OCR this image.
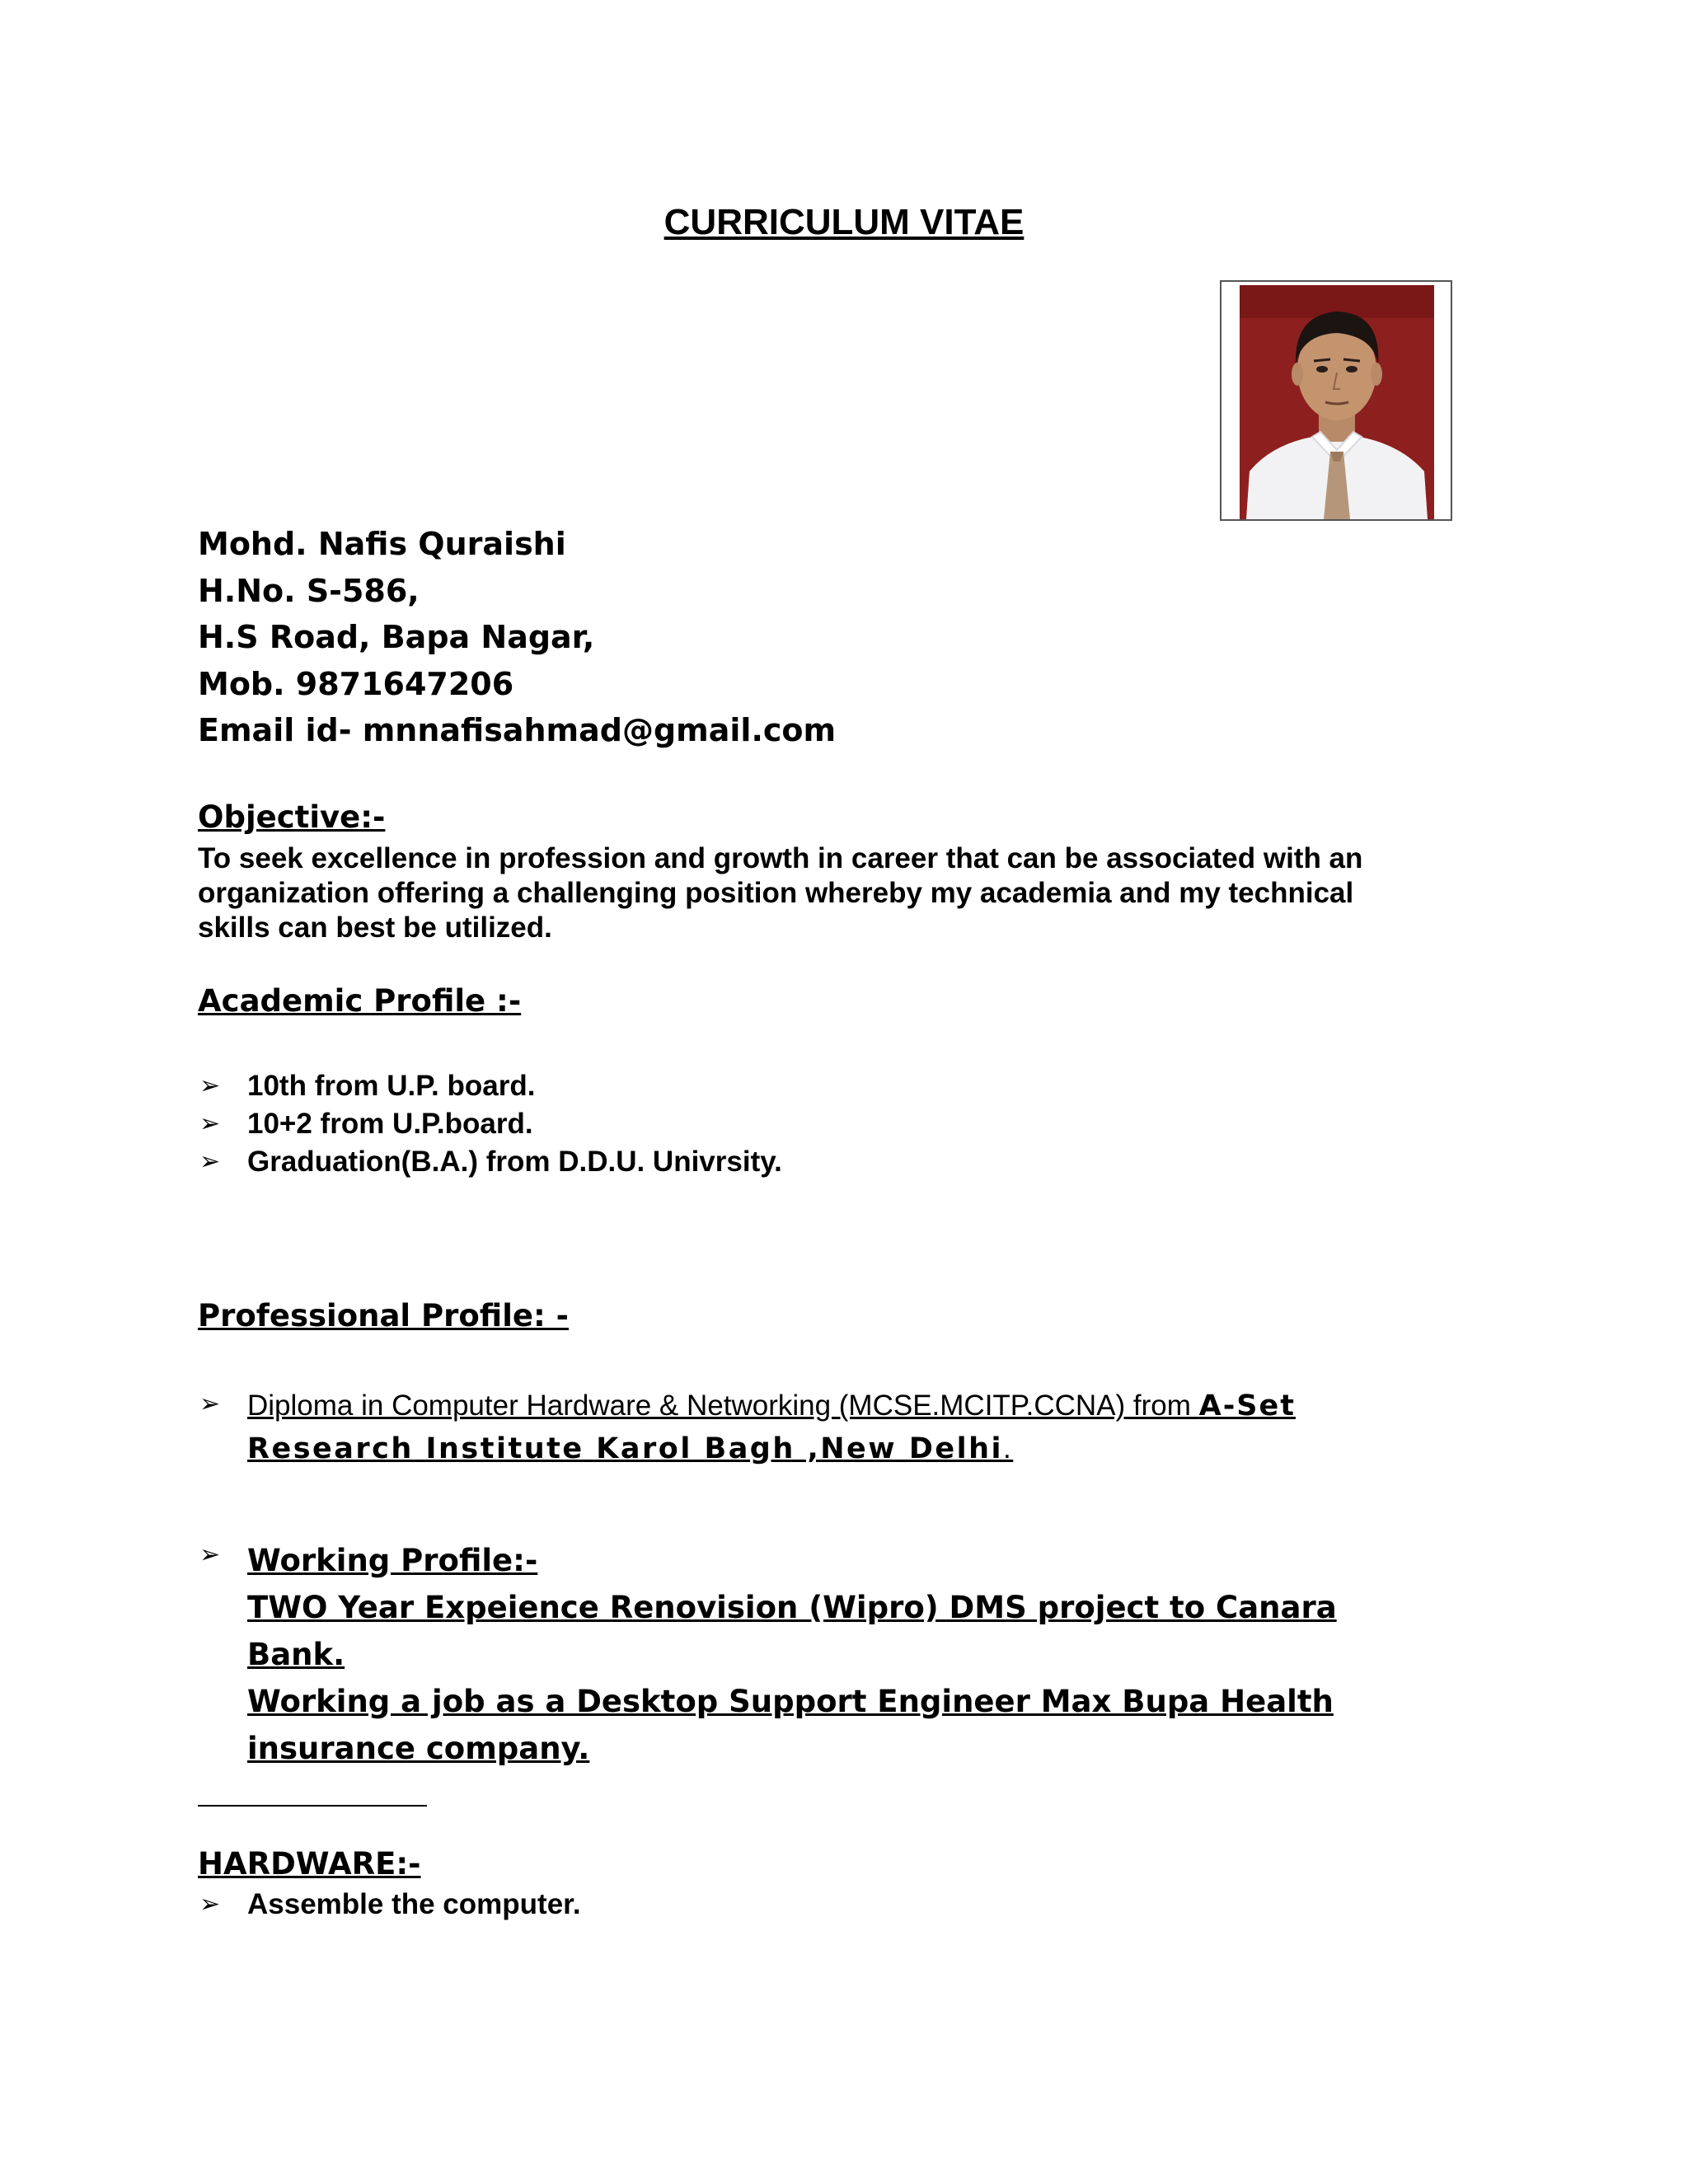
CURRICULUM VITAE
Mohd. Nafis Quraishi
H.No. S-586,
H.S Road, Bapa Nagar,
Mob. 9871647206
Email id- mnnafisahmad@gmail.com
Objective:-
To seek excellence in profession and growth in career that can be associated with an
organization offering a challenging position whereby my academia and my technical
skills can best be utilized.
Academic Profile :-
➢ 10th from U.P. board.
➢ 10+2 from U.P.board.
➢ Graduation(B.A.) from D.D.U. Univrsity.
Professional Profile: -
➢ Diploma in Computer Hardware & Networking (MCSE.MCITP.CCNA) from A-Set
Research Institute Karol Bagh ,New Delhi.
➢ Working Profile:-
TWO Year Expeience Renovision (Wipro) DMS project to Canara
Bank.
Working a job as a Desktop Support Engineer Max Bupa Health
insurance company.
HARDWARE:-
➢ Assemble the computer.
